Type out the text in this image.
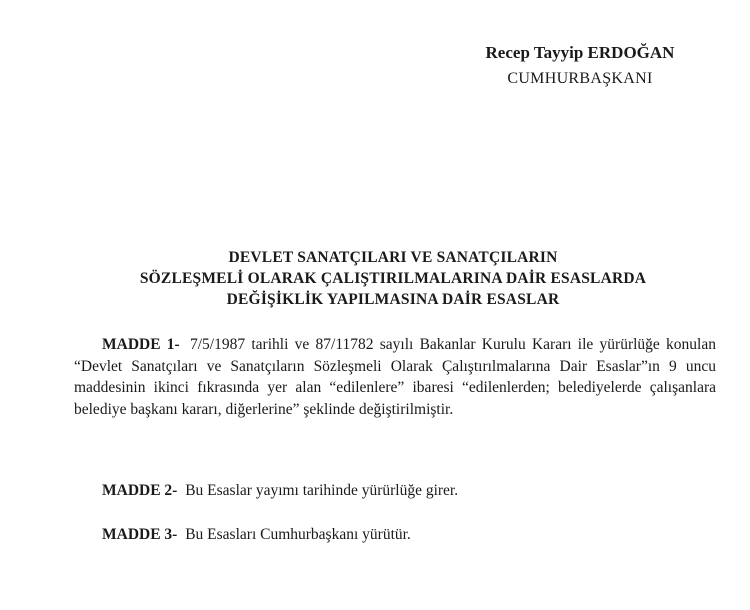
Recep Tayyip ERDOĞAN
CUMHURBAŞKANI
DEVLET SANATÇILARI VE SANATÇILARIN
SÖZLEŞMELİ OLARAK ÇALIŞTIRILMALARINA DAİR ESASLARDA
DEĞİŞİKLİK YAPILMASINA DAİR ESASLAR
MADDE 1- 7/5/1987 tarihli ve 87/11782 sayılı Bakanlar Kurulu Kararı ile yürürlüğe konulan “Devlet Sanatçıları ve Sanatçıların Sözleşmeli Olarak Çalıştırılmalarına Dair Esaslar”ın 9 uncu maddesinin ikinci fıkrasında yer alan “edilenlere” ibaresi “edilenlerden; belediyelerde çalışanlara belediye başkanı kararı, diğerlerine” şeklinde değiştirilmiştir.
MADDE 2- Bu Esaslar yayımı tarihinde yürürlüğe girer.
MADDE 3- Bu Esasları Cumhurbaşkanı yürütür.
